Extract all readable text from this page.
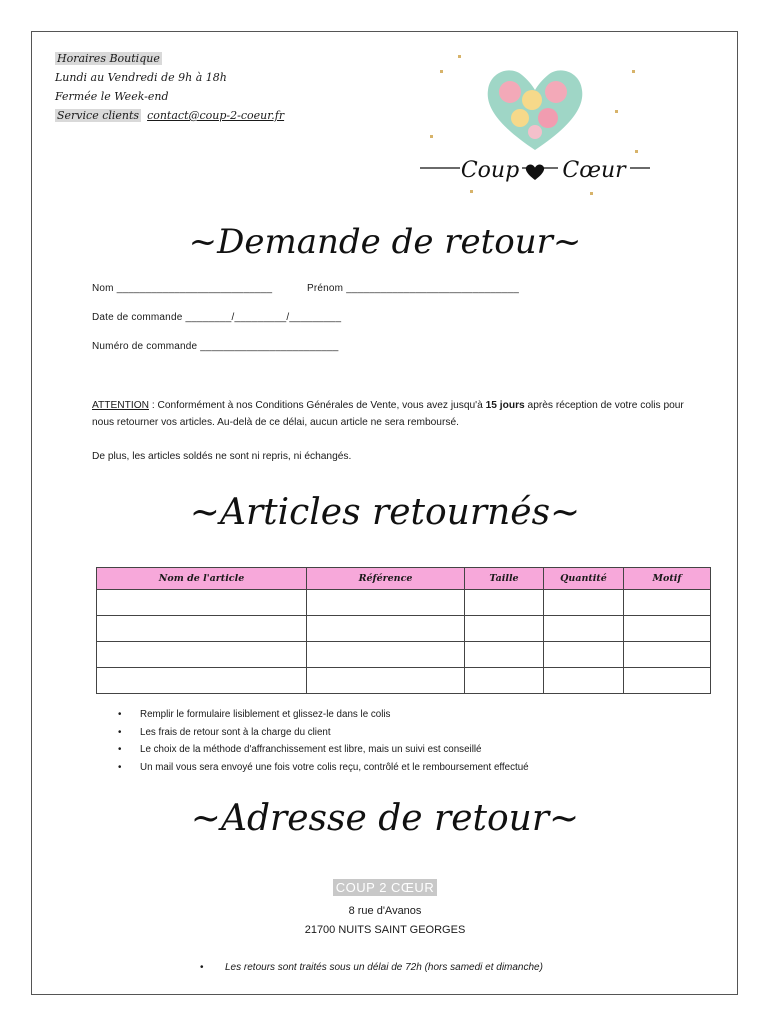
Horaires Boutique
Lundi au Vendredi de 9h à 18h
Fermée le Week-end
Service clients contact@coup-2-coeur.fr
Coup Cœur
~Demande de retour~
Nom ___________________________	Prénom ______________________________
Date de commande ________/_________/_________
Numéro de commande ________________________
ATTENTION : Conformément à nos Conditions Générales de Vente, vous avez jusqu'à 15 jours après réception de votre colis pour nous retourner vos articles. Au-delà de ce délai, aucun article ne sera remboursé.
De plus, les articles soldés ne sont ni repris, ni échangés.
~Articles retournés~
Nom de l'article	Référence	Taille	Quantité	Motif

• Remplir le formulaire lisiblement et glissez-le dans le colis
• Les frais de retour sont à la charge du client
• Le choix de la méthode d'affranchissement est libre, mais un suivi est conseillé
• Un mail vous sera envoyé une fois votre colis reçu, contrôlé et le remboursement effectué
~Adresse de retour~
COUP 2 CŒUR
8 rue d'Avanos
21700 NUITS SAINT GEORGES
• Les retours sont traités sous un délai de 72h (hors samedi et dimanche)
